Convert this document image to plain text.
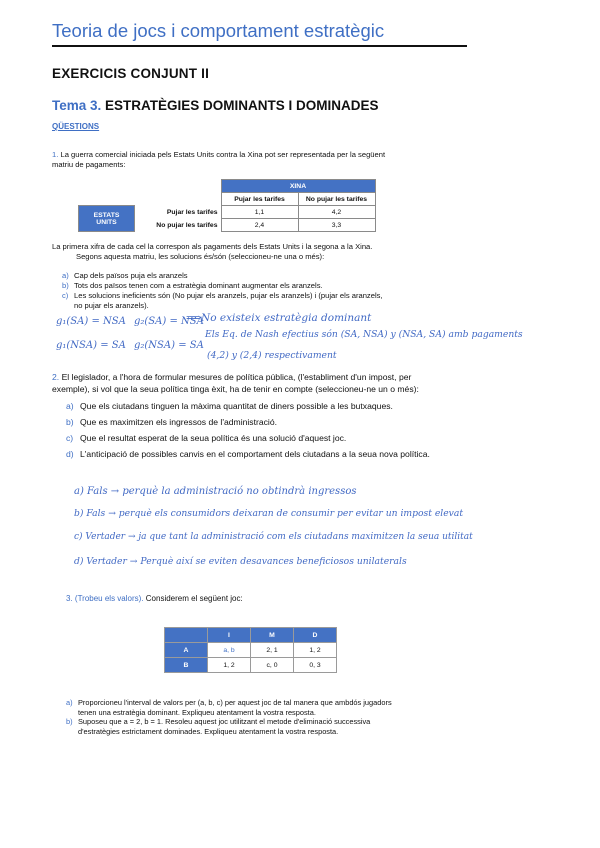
Teoria de jocs i comportament estratègic
EXERCICIS CONJUNT II
Tema 3. ESTRATÈGIES DOMINANTS I DOMINADES
QÜESTIONS
1. La guerra comercial iniciada pels Estats Units contra la Xina pot ser representada per la següent matriu de pagaments:
		XINA	
		Pujar les tarifes	No pujar les tarifes

ESTATS
UNITS	Pujar les tarifes	1,1	4,2
	No pujar les tarifes	2,4	3,3
La primera xifra de cada cel la correspon als pagaments dels Estats Units i la segona a la Xina.
Segons aquesta matriu, les solucions és/són (seleccioneu-ne una o més):
a) Cap dels països puja els aranzels
b) Tots dos països tenen com a estratègia dominant augmentar els aranzels.
c) Les solucions ineficients són (No pujar els aranzels, pujar els aranzels) i (pujar els aranzels,
no pujar els aranzels).
g₁(SA) = NSA g₂(SA) = NSA
⟹No existeix estratègia dominant
g₁(NSA) = SA g₂(NSA) = SA
Els Eq. de Nash efectius són (SA, NSA) y (NSA, SA) amb pagaments
(4,2) y (2,4) respectivament
2. El legislador, a l'hora de formular mesures de política pública, (l'establiment d'un impost, per exemple), si vol que la seua política tinga èxit, ha de tenir en compte (seleccioneu-ne un o més):
a) Que els ciutadans tinguen la màxima quantitat de diners possible a les butxaques.
b) Que es maximitzen els ingressos de l'administració.
c) Que el resultat esperat de la seua política és una solució d'aquest joc.
d) L'anticipació de possibles canvis en el comportament dels ciutadans a la seua nova política.
a) Fals → perquè la administració no obtindrà ingressos
b) Fals → perquè els consumidors deixaran de consumir per evitar un impost elevat
c) Vertader → ja que tant la administració com els ciutadans maximitzen la seua utilitat
d) Vertader → Perquè així se eviten desavances beneficiosos unilaterals
3. (Trobeu els valors). Considerem el següent joc:
	I	M	D
A	a, b	2, 1	1, 2
B	1, 2	c, 0	0, 3
a) Proporcioneu l'interval de valors per (a, b, c) per aquest joc de tal manera que ambdós jugadors
tenen una estratègia dominant. Expliqueu atentament la vostra resposta.
b) Suposeu que a = 2, b = 1. Resoleu aquest joc utilitzant el metode d'eliminació successiva
d'estratègies estrictament dominades. Expliqueu atentament la vostra resposta.
